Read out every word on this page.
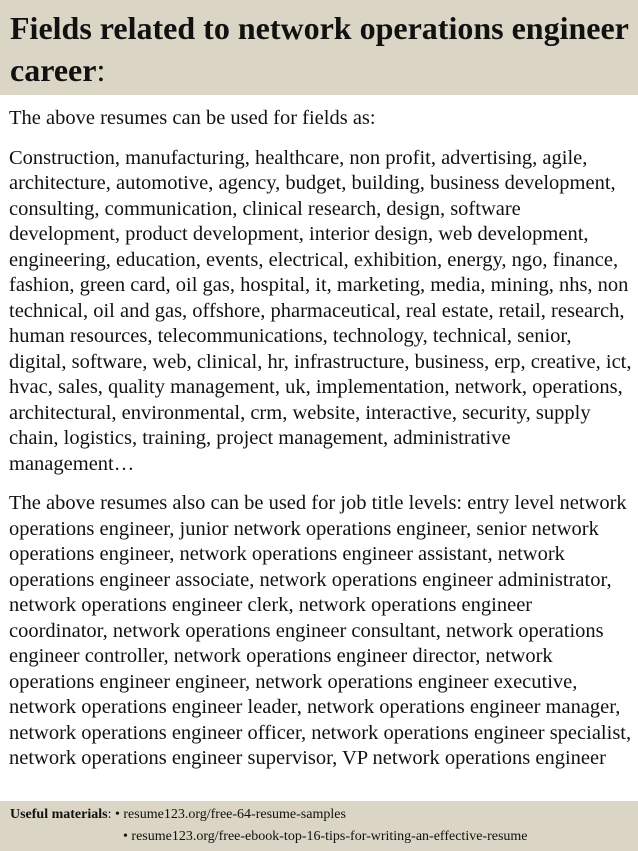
Fields related to network operations engineer career:

The above resumes can be used for fields as:

Construction, manufacturing, healthcare, non profit, advertising, agile, architecture, automotive, agency, budget, building, business development, consulting, communication, clinical research, design, software development, product development, interior design, web development, engineering, education, events, electrical, exhibition, energy, ngo, finance, fashion, green card, oil gas, hospital, it, marketing, media, mining, nhs, non technical, oil and gas, offshore, pharmaceutical, real estate, retail, research, human resources, telecommunications, technology, technical, senior, digital, software, web, clinical, hr, infrastructure, business, erp, creative, ict, hvac, sales, quality management, uk, implementation, network, operations, architectural, environmental, crm, website, interactive, security, supply chain, logistics, training, project management, administrative management…

The above resumes also can be used for job title levels: entry level network operations engineer, junior network operations engineer, senior network operations engineer, network operations engineer assistant, network operations engineer associate, network operations engineer administrator, network operations engineer clerk, network operations engineer coordinator, network operations engineer consultant, network operations engineer controller, network operations engineer director, network operations engineer engineer, network operations engineer executive, network operations engineer leader, network operations engineer manager, network operations engineer officer, network operations engineer specialist, network operations engineer supervisor, VP network operations engineer

Useful materials: • resume123.org/free-64-resume-samples
• resume123.org/free-ebook-top-16-tips-for-writing-an-effective-resume
